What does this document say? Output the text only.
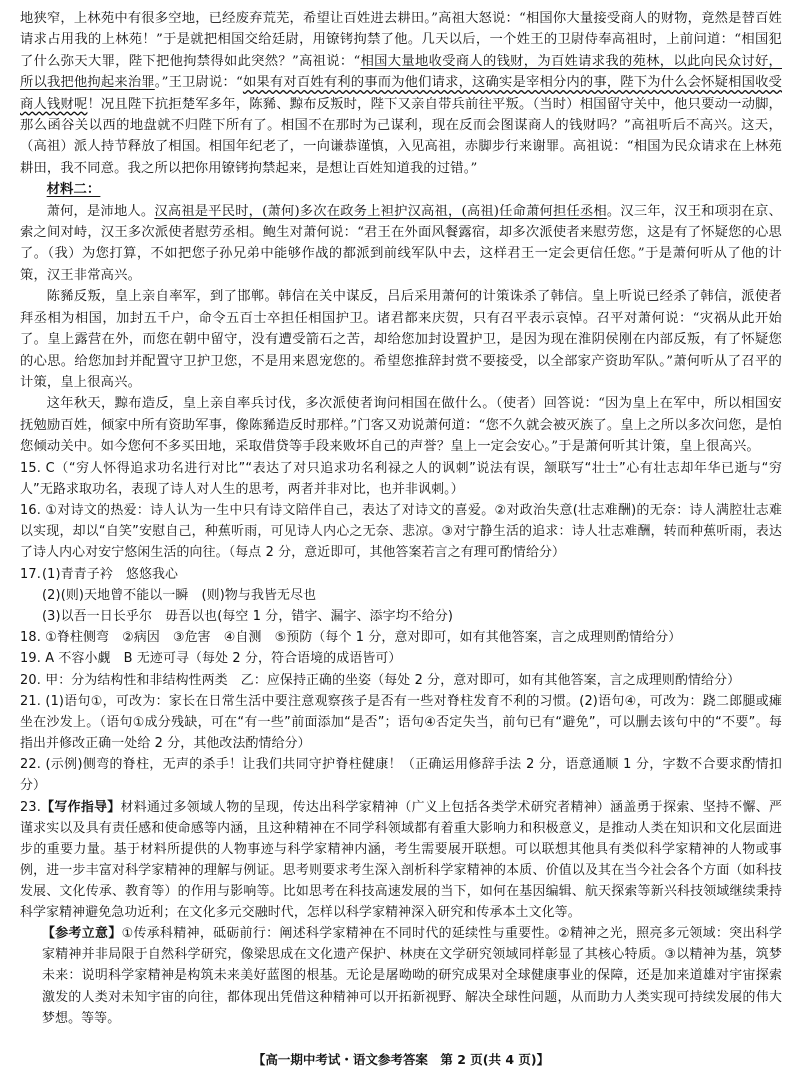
地狭窄，上林苑中有很多空地，已经废弃荒芜，希望让百姓进去耕田。”高祖大怒说：“相国你大量接受商人的财物，竟然是替百姓请求占用我的上林苑！”于是就把相国交给廷尉，用镣铐拘禁了他。几天以后，一个姓王的卫尉侍奉高祖时，上前问道：“相国犯了什么弥天大罪，陛下把他拘禁得如此突然？”高祖说：“相国大量地收受商人的钱财，为百姓请求我的苑林，以此向民众讨好，所以我把他拘起来治罪。”王卫尉说：“如果有对百姓有利的事而为他们请求，这确实是宰相分内的事，陛下为什么会怀疑相国收受商人钱财呢！况且陛下抗拒楚军多年，陈豨、黥布反叛时，陛下又亲自带兵前往平叛。（当时）相国留守关中，他只要动一动脚，那么函谷关以西的地盘就不归陛下所有了。相国不在那时为己谋利，现在反而会图谋商人的钱财吗？”高祖听后不高兴。这天，（高祖）派人持节释放了相国。相国年纪老了，一向谦恭谨慎，入见高祖，赤脚步行来谢罪。高祖说：“相国为民众请求在上林苑耕田，我不同意。我之所以把你用镣铐拘禁起来，是想让百姓知道我的过错。”

材料二：

萧何，是沛地人。汉高祖是平民时，(萧何)多次在政务上袒护汉高祖，(高祖)任命萧何担任丞相。汉三年，汉王和项羽在京、索之间对峙，汉王多次派使者慰劳丞相。鲍生对萧何说：“君王在外面风餐露宿，却多次派使者来慰劳您，这是有了怀疑您的心思了。（我）为您打算，不如把您子孙兄弟中能够作战的都派到前线军队中去，这样君王一定会更信任您。”于是萧何听从了他的计策，汉王非常高兴。

陈豨反叛，皇上亲自率军，到了邯郸。韩信在关中谋反，吕后采用萧何的计策诛杀了韩信。皇上听说已经杀了韩信，派使者拜丞相为相国，加封五千户，命令五百士卒担任相国护卫。诸君都来庆贺，只有召平表示哀悼。召平对萧何说：“灾祸从此开始了。皇上露营在外，而您在朝中留守，没有遭受箭石之苦，却给您加封设置护卫，是因为现在淮阴侯刚在内部反叛，有了怀疑您的心思。给您加封并配置守卫护卫您，不是用来恩宠您的。希望您推辞封赏不要接受，以全部家产资助军队。”萧何听从了召平的计策，皇上很高兴。

这年秋天，黥布造反，皇上亲自率兵讨伐，多次派使者询问相国在做什么。（使者）回答说：“因为皇上在军中，所以相国安抚勉励百姓，倾家中所有资助军事，像陈豨造反时那样。”门客又劝说萧何道：“您不久就会被灭族了。皇上之所以多次问您，是怕您倾动关中。如今您何不多买田地，采取借贷等手段来败坏自己的声誉？皇上一定会安心。”于是萧何听其计策，皇上很高兴。

15. C（“穷人怀得追求功名进行对比”“表达了对只追求功名利禄之人的讽刺”说法有误，颔联写“壮士”心有壮志却年华已逝与“穷人”无路求取功名，表现了诗人对人生的思考，两者并非对比，也并非讽刺。）

16. ①对诗文的热爱：诗人认为一生中只有诗文陪伴自己，表达了对诗文的喜爱。②对政治失意(壮志难酬)的无奈：诗人满腔壮志难以实现，却以“自笑”安慰自己，种蕉听雨，可见诗人内心之无奈、悲凉。③对宁静生活的追求：诗人壮志难酬，转而种蕉听雨，表达了诗人内心对安宁悠闲生活的向往。（每点 2 分，意近即可，其他答案若言之有理可酌情给分）

17. (1)青青子衿　悠悠我心

(2)(则)天地曾不能以一瞬　(则)物与我皆无尽也

(3)以吾一日长乎尔　毋吾以也(每空 1 分，错字、漏字、添字均不给分)

18. ①脊柱侧弯　②病因　③危害　④自测　⑤预防（每个 1 分，意对即可，如有其他答案，言之成理则酌情给分）

19. A 不容小觑　B 无迹可寻（每处 2 分，符合语境的成语皆可）

20. 甲：分为结构性和非结构性两类　乙：应保持正确的坐姿（每处 2 分，意对即可，如有其他答案，言之成理则酌情给分）

21. (1)语句①，可改为：家长在日常生活中要注意观察孩子是否有一些对脊柱发育不利的习惯。(2)语句④，可改为：跷二郎腿或瘫坐在沙发上。（语句①成分残缺，可在“有一些”前面添加“是否”；语句④否定失当，前句已有“避免”，可以删去该句中的“不要”。每指出并修改正确一处给 2 分，其他改法酌情给分）

22. (示例)侧弯的脊柱，无声的杀手！让我们共同守护脊柱健康！（正确运用修辞手法 2 分，语意通顺 1 分，字数不合要求酌情扣分）

23.【写作指导】材料通过多领域人物的呈现，传达出科学家精神（广义上包括各类学术研究者精神）涵盖勇于探索、坚持不懈、严谨求实以及具有责任感和使命感等内涵，且这种精神在不同学科领域都有着重大影响力和积极意义，是推动人类在知识和文化层面进步的重要力量。基于材料所提供的人物事迹与科学家精神内涵，考生需要展开联想。可以联想其他具有类似科学家精神的人物或事例，进一步丰富对科学家精神的理解与例证。思考则要求考生深入剖析科学家精神的本质、价值以及其在当今社会各个方面（如科技发展、文化传承、教育等）的作用与影响等。比如思考在科技高速发展的当下，如何在基因编辑、航天探索等新兴科技领域继续秉持科学家精神避免急功近利；在文化多元交融时代，怎样以科学家精神深入研究和传承本土文化等。

【参考立意】①传承科精神，砥砺前行：阐述科学家精神在不同时代的延续性与重要性。②精神之光，照亮多元领域：突出科学家精神并非局限于自然科学研究，像梁思成在文化遗产保护、林庚在文学研究领域同样彰显了其核心特质。③以精神为基，筑梦未来：说明科学家精神是构筑未来美好蓝图的根基。无论是屠呦呦的研究成果对全球健康事业的保障，还是加来道雄对宇宙探索激发的人类对未知宇宙的向往，都体现出凭借这种精神可以开拓新视野、解决全球性问题，从而助力人类实现可持续发展的伟大梦想。等等。

【高一期中考试・语文参考答案　第 2 页(共 4 页)】
